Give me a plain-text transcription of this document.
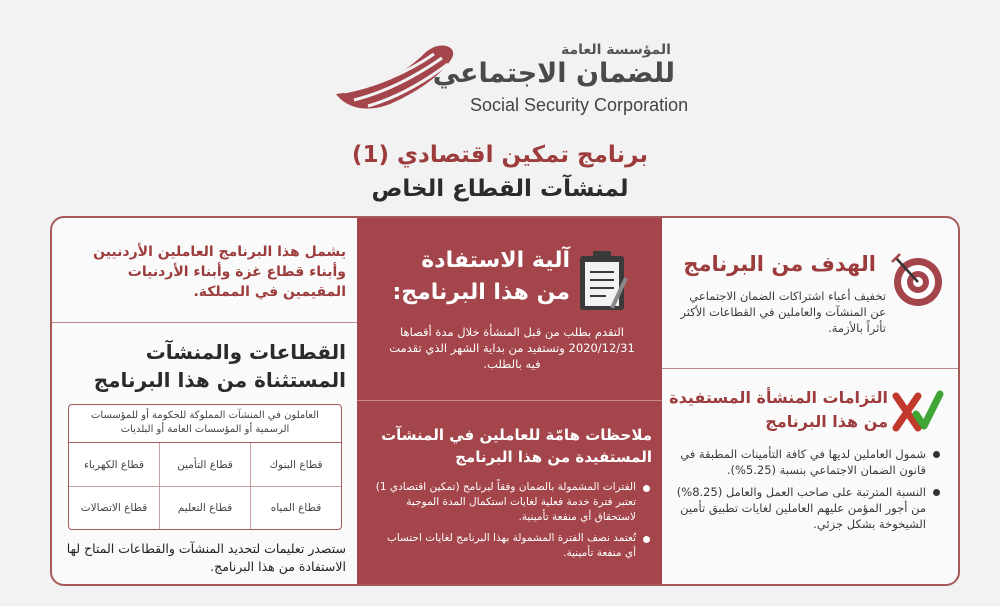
المؤسسة العامة
للضمان الاجتماعي
Social Security Corporation
برنامج تمكين اقتصادي (1)
لمنشآت القطاع الخاص
الهدف من البرنامج
تخفيف أعباء اشتراكات الضمان الاجتماعي عن المنشآت والعاملين في القطاعات الأكثر تأثراً بالأزمة.
التزامات المنشأة المستفيدة
من هذا البرنامج
شمول العاملين لديها في كافة التأمينات المطبقة في قانون الضمان الاجتماعي بنسبة (5.25%).
النسبة المترتبة على صاحب العمل والعامل (8.25%) من أجور المؤمن عليهم العاملين لغايات تطبيق تأمين الشيخوخة بشكل جزئي.
آلية الاستفادة
من هذا البرنامج:
التقدم بطلب من قبل المنشأة خلال مدة أقصاها 2020/12/31 وتستفيد من بداية الشهر الذي تقدمت فيه بالطلب.
ملاحظات هامّة للعاملين في المنشآت
المستفيدة من هذا البرنامج
الفترات المشمولة بالضمان وفقاً لبرنامج (تمكين اقتصادي 1) تعتبر فترة خدمة فعلية لغايات استكمال المدة الموجبة لاستحقاق أي منفعة تأمينية.
تُعتمد نصف الفترة المشمولة بهذا البرنامج لغايات احتساب أي منفعة تأمينية.
يشمل هذا البرنامج العاملين الأردنيين وأبناء قطاع غزة وأبناء الأردنيات المقيمين في المملكة.
القطاعات والمنشآت
المستثناة من هذا البرنامج
العاملون في المنشآت المملوكة للحكومة أو للمؤسسات الرسمية أو المؤسسات العامة أو البلديات
قطاع البنوك
قطاع التأمين
قطاع الكهرباء
قطاع المياه
قطاع التعليم
قطاع الاتصالات
ستصدر تعليمات لتحديد المنشآت والقطاعات المتاح لها الاستفادة من هذا البرنامج.
